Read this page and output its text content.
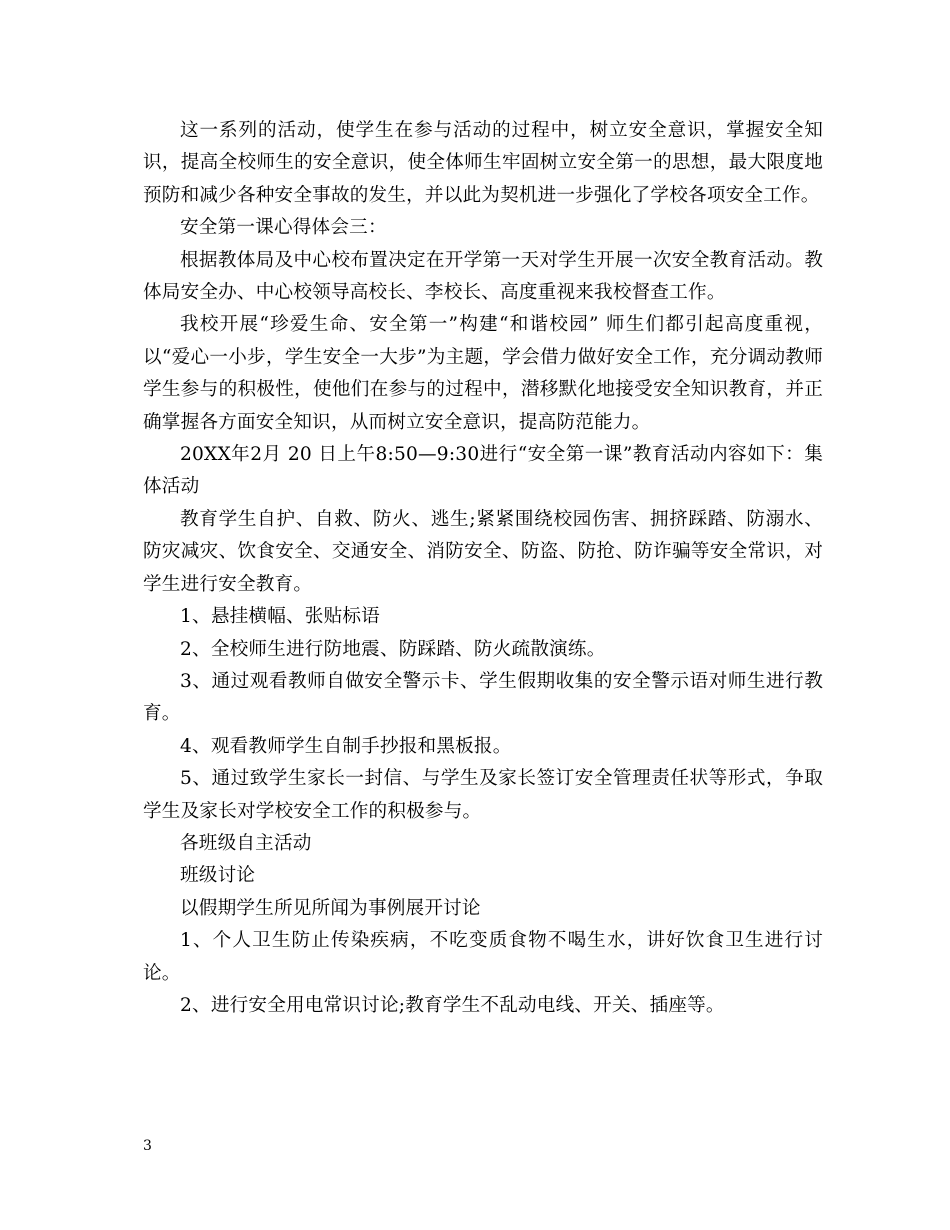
这一系列的活动，使学生在参与活动的过程中，树立安全意识，掌握安全知识，提高全校师生的安全意识，使全体师生牢固树立安全第一的思想，最大限度地预防和减少各种安全事故的发生，并以此为契机进一步强化了学校各项安全工作。

安全第一课心得体会三：

根据教体局及中心校布置决定在开学第一天对学生开展一次安全教育活动。教体局安全办、中心校领导高校长、李校长、高度重视来我校督查工作。

我校开展“珍爱生命、安全第一”构建“和谐校园” 师生们都引起高度重视，以“爱心一小步，学生安全一大步”为主题，学会借力做好安全工作，充分调动教师学生参与的积极性，使他们在参与的过程中，潜移默化地接受安全知识教育，并正确掌握各方面安全知识，从而树立安全意识，提高防范能力。

20XX年2月 20 日上午8:50—9:30进行“安全第一课”教育活动内容如下：集体活动

教育学生自护、自救、防火、逃生;紧紧围绕校园伤害、拥挤踩踏、防溺水、防灾减灾、饮食安全、交通安全、消防安全、防盗、防抢、防诈骗等安全常识，对学生进行安全教育。

1、悬挂横幅、张贴标语

2、全校师生进行防地震、防踩踏、防火疏散演练。

3、通过观看教师自做安全警示卡、学生假期收集的安全警示语对师生进行教育。

4、观看教师学生自制手抄报和黑板报。

5、通过致学生家长一封信、与学生及家长签订安全管理责任状等形式，争取学生及家长对学校安全工作的积极参与。

各班级自主活动

班级讨论

以假期学生所见所闻为事例展开讨论

1、个人卫生防止传染疾病，不吃变质食物不喝生水，讲好饮食卫生进行讨论。

2、进行安全用电常识讨论;教育学生不乱动电线、开关、插座等。

3
